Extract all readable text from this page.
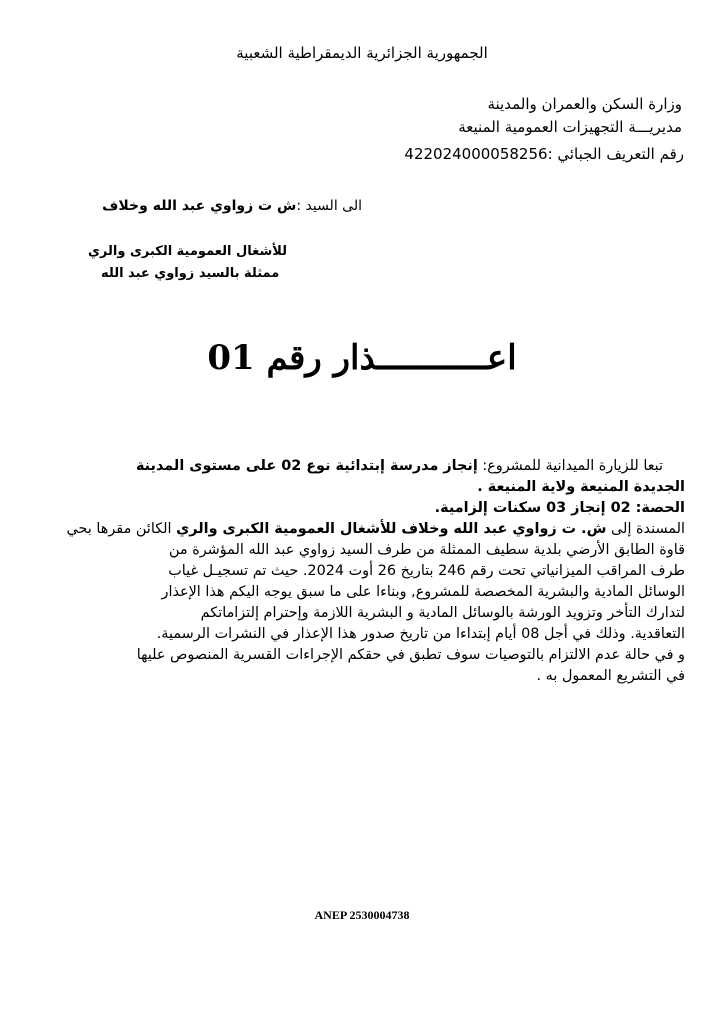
الجمهورية الجزائرية الديمقراطية الشعبية
وزارة السكن والعمران والمدينة
مديريـــة التجهيزات العمومية المنيعة
رقم التعريف الجبائي :422024000058256
الى السيد :ش ت زواوي عبد الله وخلاف
للأشغال العمومية الكبرى والري
ممثلة بالسيد زواوي عبد الله
اعـــــــــــذار رقم 01
تبعا للزيارة الميدانية للمشروع: إنجاز مدرسة إبتدائية نوع 02 على مستوى المدينة
الجديدة المنيعة ولاية المنيعة .
الحصة: 02 إنجاز 03 سكنات إلزامية.
المسندة إلى ش. ت زواوي عبد الله وخلاف للأشغال العمومية الكبرى والري الكائن مقرها بحي
قاوة الطابق الأرضي بلدية سطيف الممثلة من طرف السيد زواوي عبد الله المؤشرة من
طرف المراقب الميزانياتي تحت رقم 246 بتاريخ 26 أوت 2024. حيث تم تسجيـل غياب
الوسائل المادية والبشرية المخصصة للمشروع, وبناءا على ما سبق يوجه اليكم هذا الإعذار
لتدارك التأخر وتزويد الورشة بالوسائل المادية و البشرية اللازمة وإحترام إلتزاماتكم
التعاقدية. وذلك في أجل 08 أيام إبتداءا من تاريخ صدور هذا الإعذار في النشرات الرسمية.
و في حالة عدم الالتزام بالتوصيات سوف تطبق في حقكم الإجراءات القسرية المنصوص عليها
في التشريع المعمول به .
ANEP 2530004738
